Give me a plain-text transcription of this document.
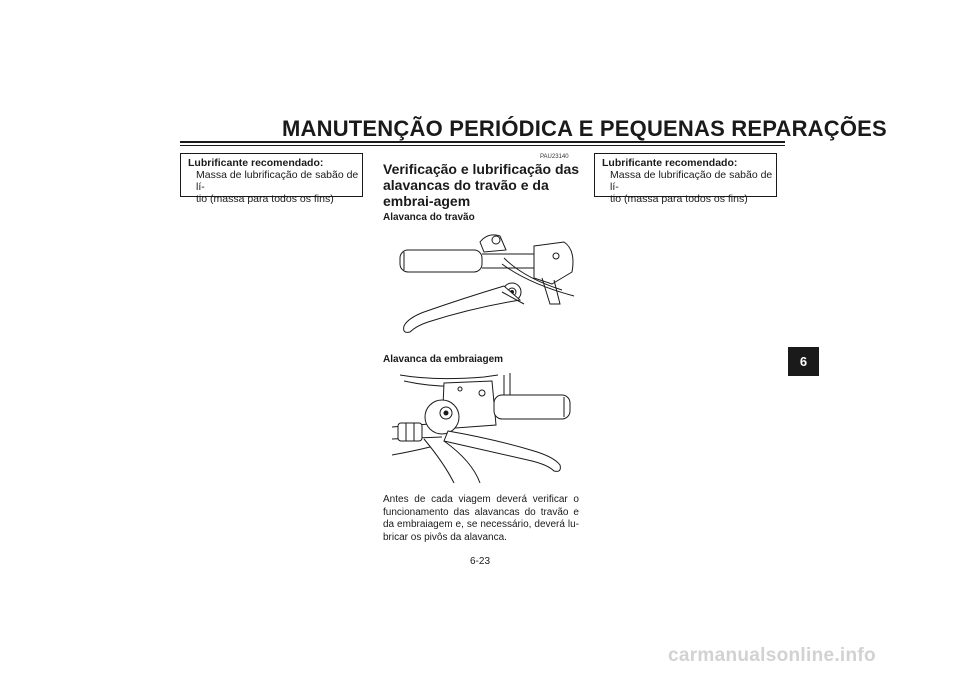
MANUTENÇÃO PERIÓDICA E PEQUENAS REPARAÇÕES
Lubrificante recomendado:
Massa de lubrificação de sabão de lí-
tio (massa para todos os fins)
Lubrificante recomendado:
Massa de lubrificação de sabão de lí-
tio (massa para todos os fins)
PAU23140
Verificação e lubrificação das alavancas do travão e da embrai-agem
Alavanca do travão
Alavanca da embraiagem
Antes de cada viagem deverá verificar o funcionamento das alavancas do travão e da embraiagem e, se necessário, deverá lu-bricar os pivôs da alavanca.
6-23
6
carmanualsonline.info
